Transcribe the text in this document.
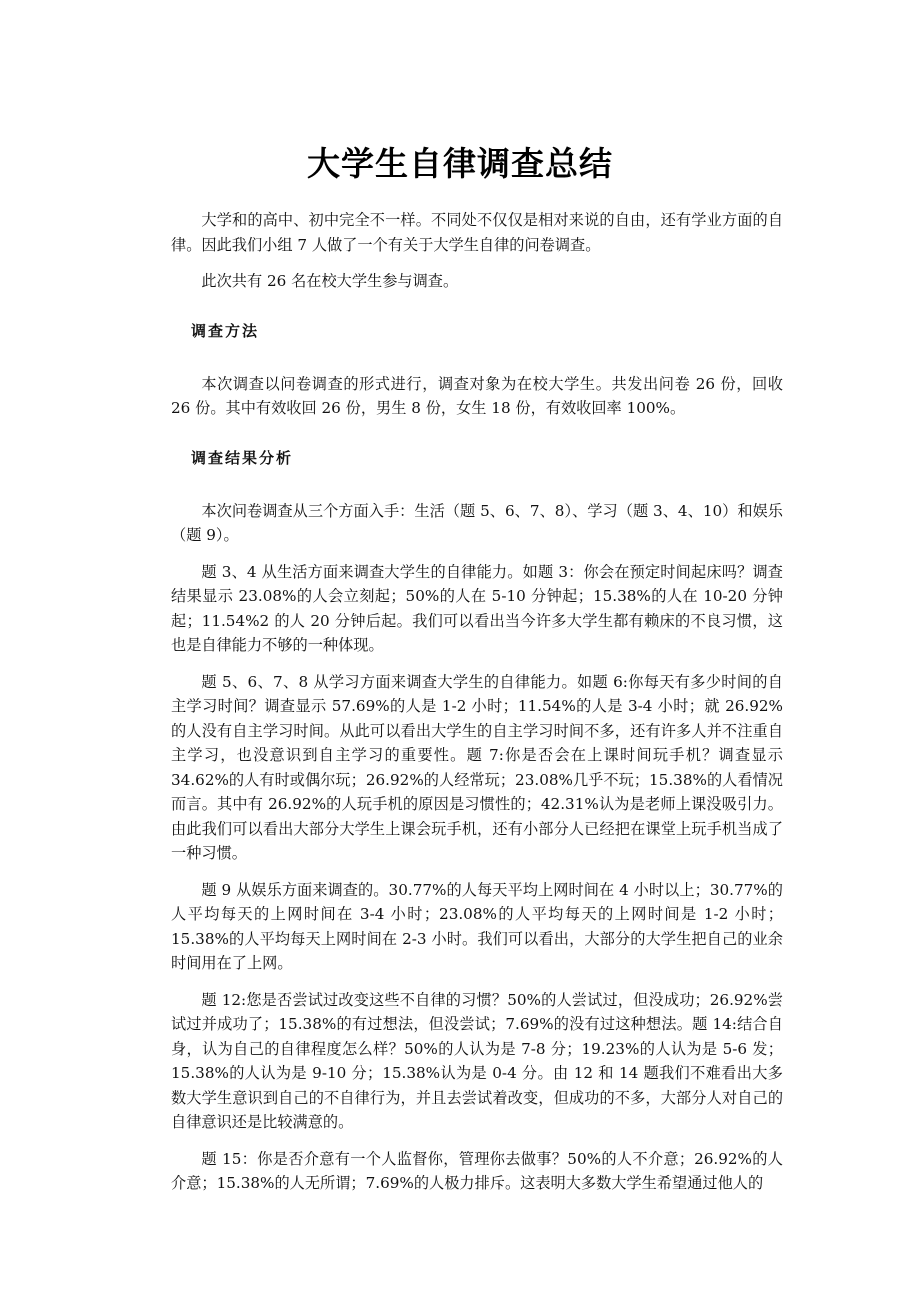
大学生自律调查总结

大学和的高中、初中完全不一样。不同处不仅仅是相对来说的自由，还有学业方面的自律。因此我们小组 7 人做了一个有关于大学生自律的问卷调查。

此次共有 26 名在校大学生参与调查。

调查方法

本次调查以问卷调查的形式进行，调查对象为在校大学生。共发出问卷 26 份，回收 26 份。其中有效收回 26 份，男生 8 份，女生 18 份，有效收回率 100%。

调查结果分析

本次问卷调查从三个方面入手：生活（题 5、6、7、8）、学习（题 3、4、10）和娱乐（题 9）。

题 3、4 从生活方面来调查大学生的自律能力。如题 3：你会在预定时间起床吗？调查结果显示 23.08%的人会立刻起；50%的人在 5-10 分钟起；15.38%的人在 10-20 分钟起；11.54%2 的人 20 分钟后起。我们可以看出当今许多大学生都有赖床的不良习惯，这也是自律能力不够的一种体现。

题 5、6、7、8 从学习方面来调查大学生的自律能力。如题 6:你每天有多少时间的自主学习时间？调查显示 57.69%的人是 1-2 小时；11.54%的人是 3-4 小时；就 26.92%的人没有自主学习时间。从此可以看出大学生的自主学习时间不多，还有许多人并不注重自主学习，也没意识到自主学习的重要性。题 7:你是否会在上课时间玩手机？调查显示 34.62%的人有时或偶尔玩；26.92%的人经常玩；23.08%几乎不玩；15.38%的人看情况而言。其中有 26.92%的人玩手机的原因是习惯性的；42.31%认为是老师上课没吸引力。由此我们可以看出大部分大学生上课会玩手机，还有小部分人已经把在课堂上玩手机当成了一种习惯。

题 9 从娱乐方面来调查的。30.77%的人每天平均上网时间在 4 小时以上；30.77%的人平均每天的上网时间在 3-4 小时；23.08%的人平均每天的上网时间是 1-2 小时；15.38%的人平均每天上网时间在 2-3 小时。我们可以看出，大部分的大学生把自己的业余时间用在了上网。

题 12:您是否尝试过改变这些不自律的习惯？50%的人尝试过，但没成功；26.92%尝试过并成功了；15.38%的有过想法，但没尝试；7.69%的没有过这种想法。题 14:结合自身，认为自己的自律程度怎么样？50%的人认为是 7-8 分；19.23%的人认为是 5-6 发；15.38%的人认为是 9-10 分；15.38%认为是 0-4 分。由 12 和 14 题我们不难看出大多数大学生意识到自己的不自律行为，并且去尝试着改变，但成功的不多，大部分人对自己的自律意识还是比较满意的。

题 15：你是否介意有一个人监督你，管理你去做事？50%的人不介意；26.92%的人介意；15.38%的人无所谓；7.69%的人极力排斥。这表明大多数大学生希望通过他人的
